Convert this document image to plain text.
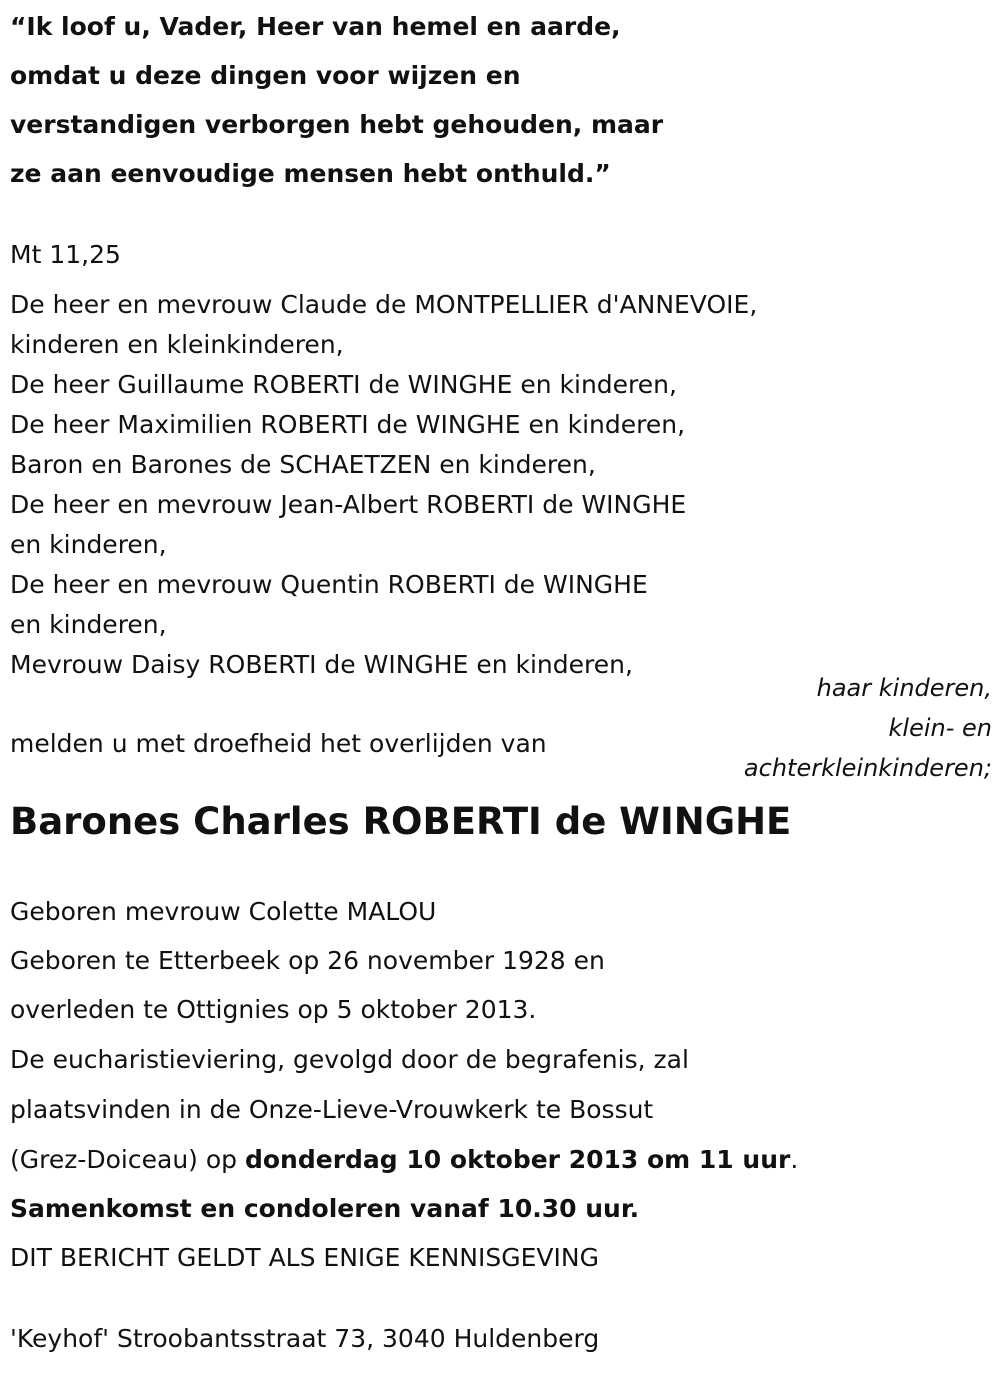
“Ik loof u, Vader, Heer van hemel en aarde,
omdat u deze dingen voor wijzen en
verstandigen verborgen hebt gehouden, maar
ze aan eenvoudige mensen hebt onthuld.”
Mt 11,25
De heer en mevrouw Claude de MONTPELLIER d'ANNEVOIE,
kinderen en kleinkinderen,
De heer Guillaume ROBERTI de WINGHE en kinderen,
De heer Maximilien ROBERTI de WINGHE en kinderen,
Baron en Barones de SCHAETZEN en kinderen,
De heer en mevrouw Jean-Albert ROBERTI de WINGHE
en kinderen,
De heer en mevrouw Quentin ROBERTI de WINGHE
en kinderen,
Mevrouw Daisy ROBERTI de WINGHE en kinderen,
haar kinderen,
klein- en
achterkleinkinderen;
melden u met droefheid het overlijden van
Barones Charles ROBERTI de WINGHE
Geboren mevrouw Colette MALOU
Geboren te Etterbeek op 26 november 1928 en
overleden te Ottignies op 5 oktober 2013.
De eucharistieviering, gevolgd door de begrafenis, zal
plaatsvinden in de Onze-Lieve-Vrouwkerk te Bossut
(Grez-Doiceau) op donderdag 10 oktober 2013 om 11 uur.
Samenkomst en condoleren vanaf 10.30 uur.
DIT BERICHT GELDT ALS ENIGE KENNISGEVING
'Keyhof' Stroobantsstraat 73, 3040 Huldenberg
